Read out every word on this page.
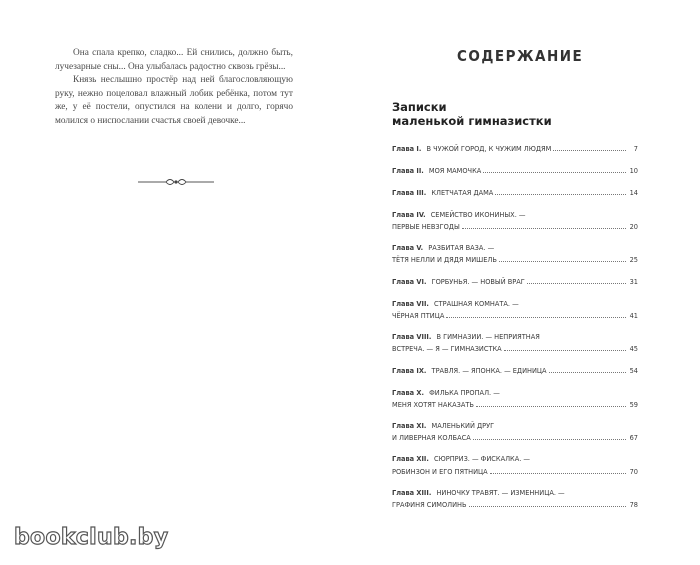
Она спала крепко, сладко... Ей снились, должно быть, лучезарные сны... Она улыбалась радостно сквозь грёзы...

Князь неслышно простёр над ней благословляющую руку, нежно поцеловал влажный лобик ребёнка, потом тут же, у её постели, опустился на колени и долго, горячо молился о ниспослании счастья своей девочке...

СОДЕРЖАНИЕ
Записки
маленькой гимназистки
Глава I. В ЧУЖОЙ ГОРОД, К ЧУЖИМ ЛЮДЯМ	7
Глава II. МОЯ МАМОЧКА	10
Глава III. КЛЕТЧАТАЯ ДАМА	14
Глава IV. СЕМЕЙСТВО ИКОНИНЫХ. —
ПЕРВЫЕ НЕВЗГОДЫ	20
Глава V. РАЗБИТАЯ ВАЗА. —
ТЁТЯ НЕЛЛИ И ДЯДЯ МИШЕЛЬ	25
Глава VI. ГОРБУНЬЯ. — НОВЫЙ ВРАГ	31
Глава VII. СТРАШНАЯ КОМНАТА. —
ЧЁРНАЯ ПТИЦА	41
Глава VIII. В ГИМНАЗИИ. — НЕПРИЯТНАЯ
ВСТРЕЧА. — Я — ГИМНАЗИСТКА	45
Глава IX. ТРАВЛЯ. — ЯПОНКА. — ЕДИНИЦА	54
Глава X. ФИЛЬКА ПРОПАЛ. —
МЕНЯ ХОТЯТ НАКАЗАТЬ	59
Глава XI. МАЛЕНЬКИЙ ДРУГ
И ЛИВЕРНАЯ КОЛБАСА	67
Глава XII. СЮРПРИЗ. — ФИСКАЛКА. —
РОБИНЗОН И ЕГО ПЯТНИЦА	70
Глава XIII. НИНОЧКУ ТРАВЯТ. — ИЗМЕННИЦА. —
ГРАФИНЯ СИМОЛИНЬ	78
bookclub.by
